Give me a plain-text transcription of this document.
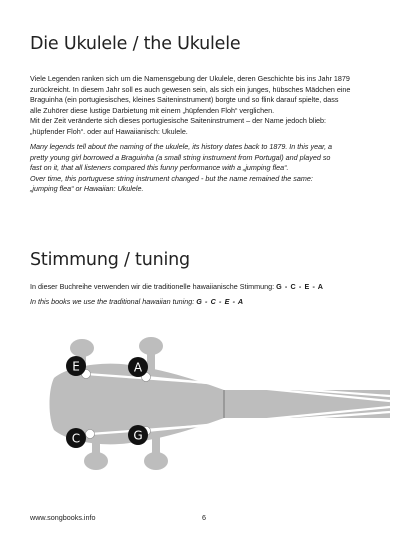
Die Ukulele / the Ukulele

Viele Legenden ranken sich um die Namensgebung der Ukulele, deren Geschichte bis ins Jahr 1879

zurückreicht. In diesem Jahr soll es auch gewesen sein, als sich ein junges, hübsches Mädchen eine

Braguinha (ein portugiesisches, kleines Saiteninstrument) borgte und so flink darauf spielte, dass

alle Zuhörer diese lustige Darbietung mit einem „hüpfenden Floh“ verglichen.

Mit der Zeit veränderte sich dieses portugiesische Saiteninstrument – der Name jedoch blieb:

„hüpfender Floh“. oder auf Hawaiianisch: Ukulele.

Many legends tell about the naming of the ukulele, its history dates back to 1879. In this year, a

pretty young girl borrowed a Braguinha (a small string instrument from Portugal) and played so

fast on it, that all listeners compared this funny performance with a „jumping flea“.

Over time, this portuguese string instrument changed - but the name remained the same:

„jumping flea“ or Hawaiian: Ukulele.

Stimmung / tuning

In dieser Buchreihe verwenden wir die traditionelle hawaiianische Stimmung: G - C - E - A

In this books we use the traditional hawaiian tuning: G - C - E - A

E	A
C	G
www.songbooks.info	6
